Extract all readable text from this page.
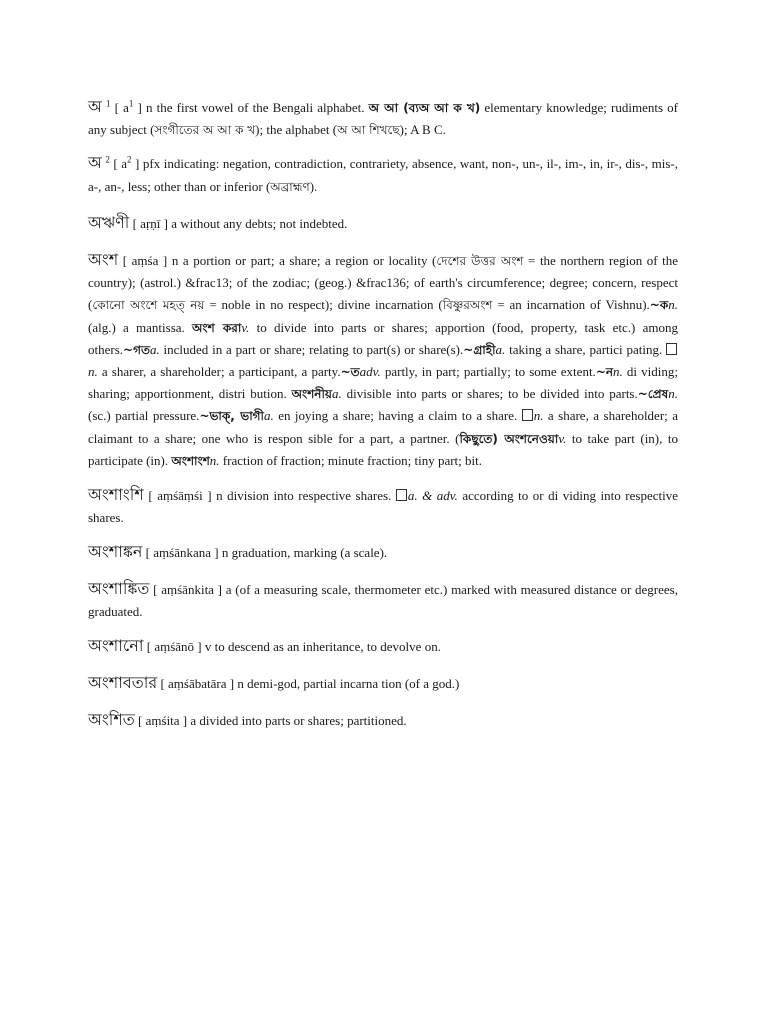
অ $^1$ [ $a^1$ ] n the first vowel of the Bengali alphabet. অ আ (ব্যঅ আ ক খ) elementary knowledge; rudiments of any subject (সংগীতের অ আ ক খ); the alphabet (অ আ শিখছে); A B C.

অ $^2$ [ $a^2$ ] pfx indicating: negation, contradiction, contrariety, absence, want, non-, un-, il-, im-, in, ir-, dis-, mis-, a-, an-, less; other than or inferior (অব্রাহ্মণ).

অঋণী [ aṛṇī ] a without any debts; not indebted.

অংশ [ aṃśa ] n a portion or part; a share; a region or locality (দেশের উত্তর অংশ = the northern region of the country); (astrol.) &frac13; of the zodiac; (geog.) &frac136; of earth's circumference; degree; concern, respect (কোনো অংশে মহত্ নয় = noble in no respect); divine incarnation (বিষ্ণুরঅংশ = an incarnation of Vishnu).~কn. (alg.) a mantissa. অংশ করাv. to divide into parts or shares; apportion (food, property, task etc.) among others.~গতa. included in a part or share; relating to part(s) or share(s).~গ্রাহীa. taking a share, partici pating. n. a sharer, a shareholder; a participant, a party.~তadv. partly, in part; partially; to some extent.~নn. di viding; sharing; apportionment, distri bution. অংশনীয়a. divisible into parts or shares; to be divided into parts.~প্রেষn. (sc.) partial pressure.~ভাক্‌, ভাগীa. en joying a share; having a claim to a share. n. a share, a shareholder; a claimant to a share; one who is respon sible for a part, a partner. (কিছুতে) অংশনেওয়াv. to take part (in), to participate (in). অংশাংশn. fraction of fraction; minute fraction; tiny part; bit.

অংশাংশি [ aṃśāṃśi ] n division into respective shares. a. & adv. according to or di viding into respective shares.

অংশাঙ্কন [ aṃśānkana ] n graduation, marking (a scale).

অংশাঙ্কিত [ aṃśānkita ] a (of a measuring scale, thermometer etc.) marked with measured distance or degrees, graduated.

অংশানো [ aṃśānō ] v to descend as an inheritance, to devolve on.

অংশাবতার [ aṃśābatāra ] n demi-god, partial incarna tion (of a god.)

অংশিত [ aṃśita ] a divided into parts or shares; partitioned.
